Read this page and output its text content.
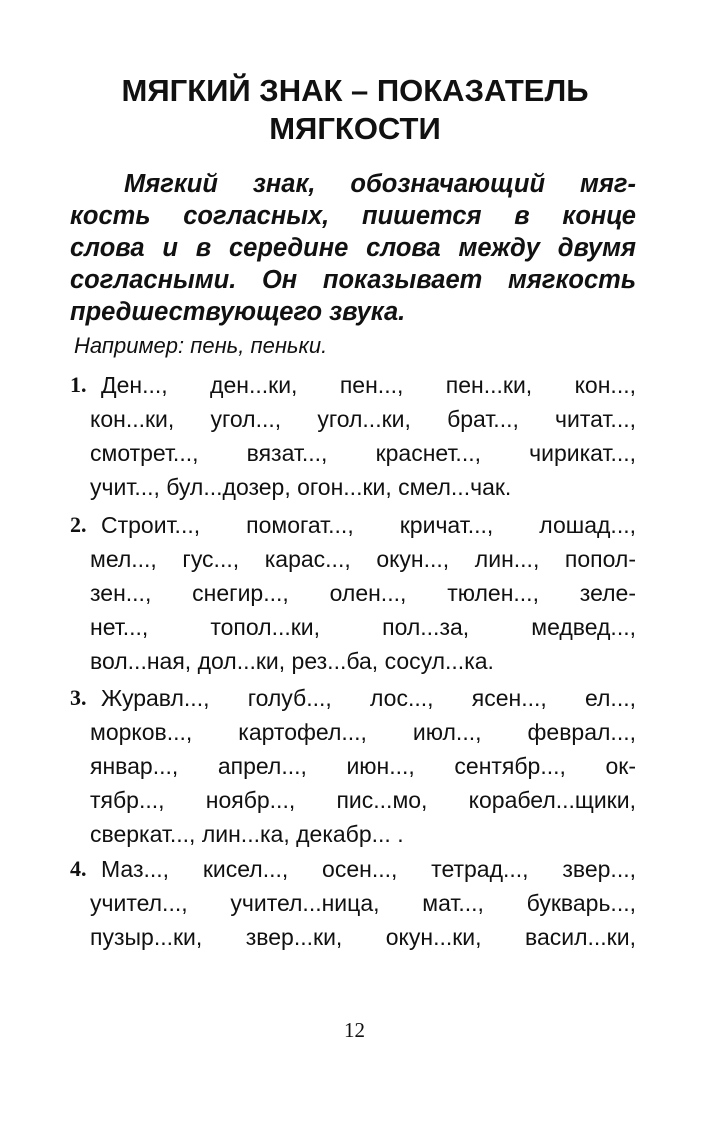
МЯГКИЙ ЗНАК – ПОКАЗАТЕЛЬ
МЯГКОСТИ

Мягкий знак, обозначающий мяг-
кость согласных, пишется в конце
слова и в середине слова между двумя
согласными. Он показывает мягкость
предшествующего звука.

Например: пень, пеньки.

1. Ден..., ден...ки, пен..., пен...ки, кон...,
кон...ки, угол..., угол...ки, брат..., читат...,
смотрет..., вязат..., краснет..., чирикат...,
учит..., бул...дозер, огон...ки, смел...чак.
2. Строит..., помогат..., кричат..., лошад...,
мел..., гус..., карас..., окун..., лин..., попол-
зен..., снегир..., олен..., тюлен..., зеле-
нет..., топол...ки, пол...за, медвед...,
вол...ная, дол...ки, рез...ба, сосул...ка.
3. Журавл..., голуб..., лос..., ясен..., ел...,
морков..., картофел..., июл..., феврал...,
январ..., апрел..., июн..., сентябр..., ок-
тябр..., ноябр..., пис...мо, корабел...щики,
сверкат..., лин...ка, декабр... .
4. Маз..., кисел..., осен..., тетрад..., звер...,
учител..., учител...ница, мат..., букварь...,
пузыр...ки, звер...ки, окун...ки, васил...ки,
12
